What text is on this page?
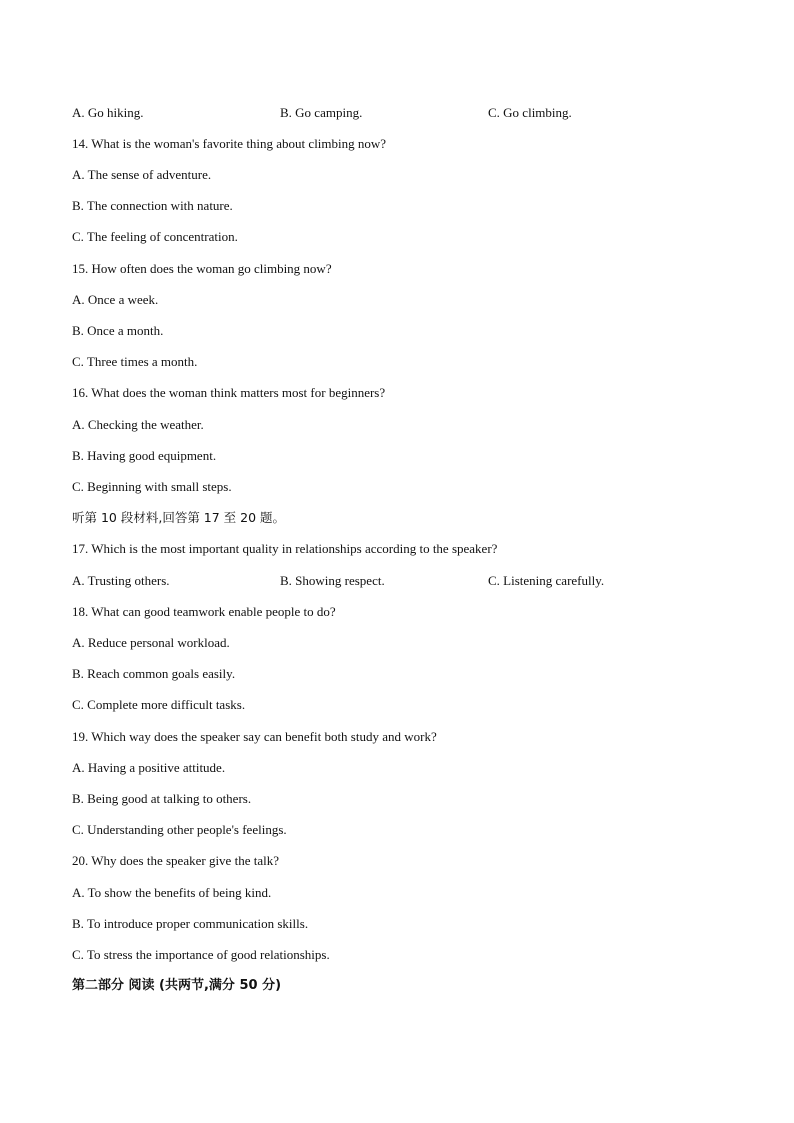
A. Go hiking.	B. Go camping.	C. Go climbing.
14. What is the woman's favorite thing about climbing now?
A. The sense of adventure.
B. The connection with nature.
C. The feeling of concentration.
15. How often does the woman go climbing now?
A. Once a week.
B. Once a month.
C. Three times a month.
16. What does the woman think matters most for beginners?
A. Checking the weather.
B. Having good equipment.
C. Beginning with small steps.
听第 10 段材料,回答第 17 至 20 题。
17. Which is the most important quality in relationships according to the speaker?
A. Trusting others.	B. Showing respect.	C. Listening carefully.
18. What can good teamwork enable people to do?
A. Reduce personal workload.
B. Reach common goals easily.
C. Complete more difficult tasks.
19. Which way does the speaker say can benefit both study and work?
A. Having a positive attitude.
B. Being good at talking to others.
C. Understanding other people's feelings.
20. Why does the speaker give the talk?
A. To show the benefits of being kind.
B. To introduce proper communication skills.
C. To stress the importance of good relationships.
第二部分 阅读 (共两节,满分 50 分)
